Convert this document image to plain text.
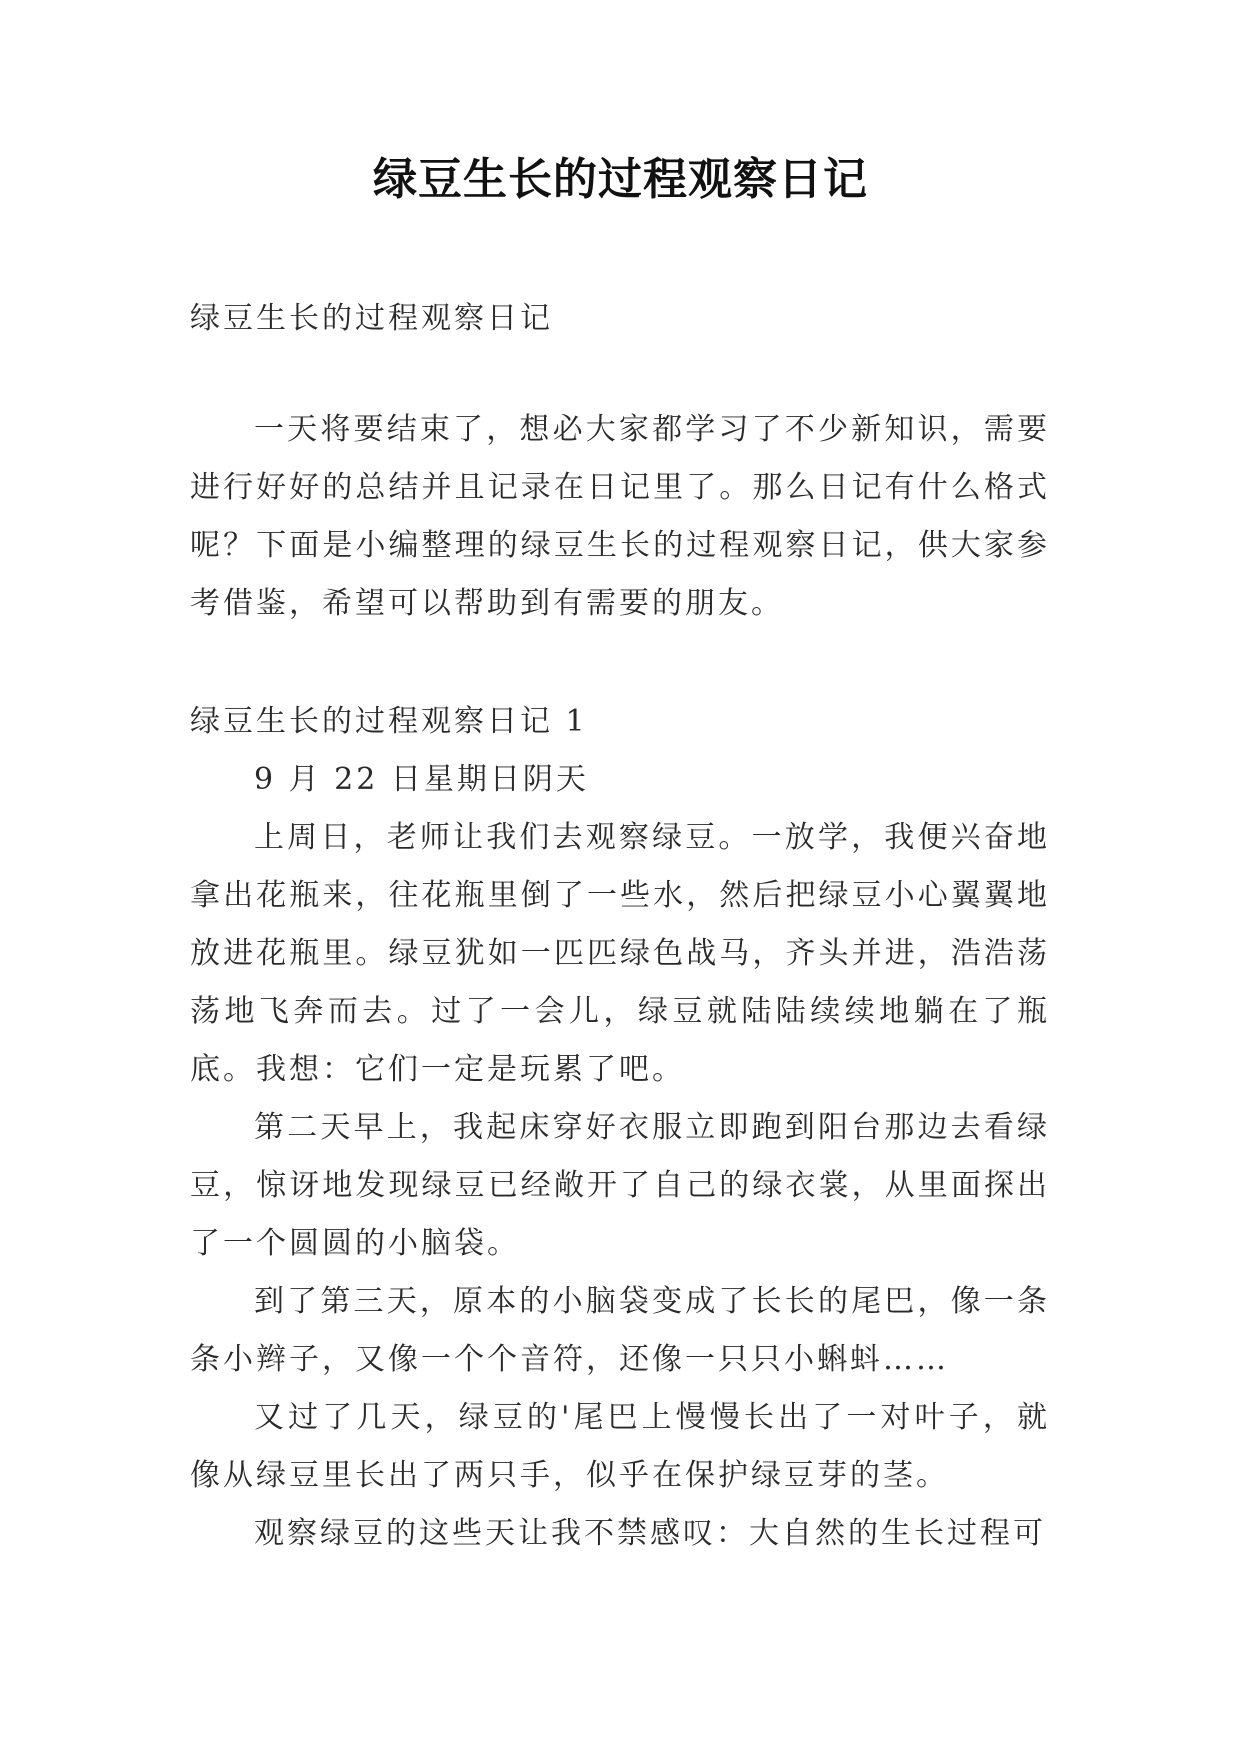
绿豆生长的过程观察日记

绿豆生长的过程观察日记

一天将要结束了，想必大家都学习了不少新知识，需要进行好好的总结并且记录在日记里了。那么日记有什么格式呢？下面是小编整理的绿豆生长的过程观察日记，供大家参考借鉴，希望可以帮助到有需要的朋友。

绿豆生长的过程观察日记 1

9 月 22 日星期日阴天

上周日，老师让我们去观察绿豆。一放学，我便兴奋地拿出花瓶来，往花瓶里倒了一些水，然后把绿豆小心翼翼地放进花瓶里。绿豆犹如一匹匹绿色战马，齐头并进，浩浩荡荡地飞奔而去。过了一会儿，绿豆就陆陆续续地躺在了瓶底。我想：它们一定是玩累了吧。

第二天早上，我起床穿好衣服立即跑到阳台那边去看绿豆，惊讶地发现绿豆已经敞开了自己的绿衣裳，从里面探出了一个圆圆的小脑袋。

到了第三天，原本的小脑袋变成了长长的尾巴，像一条条小辫子，又像一个个音符，还像一只只小蝌蚪……

又过了几天，绿豆的'尾巴上慢慢长出了一对叶子，就像从绿豆里长出了两只手，似乎在保护绿豆芽的茎。

观察绿豆的这些天让我不禁感叹：大自然的生长过程可
